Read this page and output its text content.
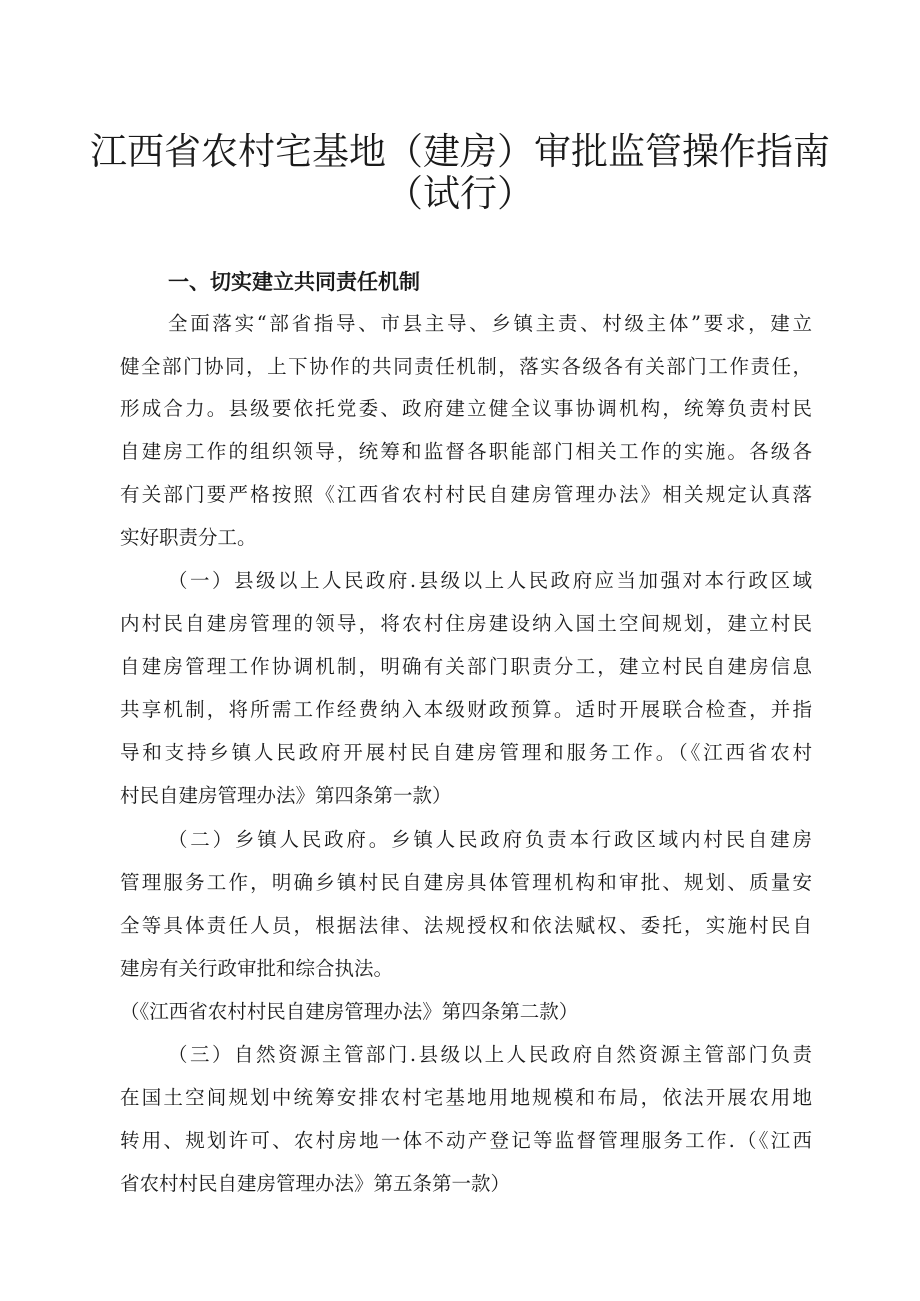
江西省农村宅基地（建房）审批监管操作指南
（试行）
一、切实建立共同责任机制
全面落实“部省指导、市县主导、乡镇主责、村级主体”要求，建立
健全部门协同，上下协作的共同责任机制，落实各级各有关部门工作责任，
形成合力。县级要依托党委、政府建立健全议事协调机构，统筹负责村民
自建房工作的组织领导，统筹和监督各职能部门相关工作的实施。各级各
有关部门要严格按照《江西省农村村民自建房管理办法》相关规定认真落
实好职责分工。
（一）县级以上人民政府.县级以上人民政府应当加强对本行政区域
内村民自建房管理的领导，将农村住房建设纳入国土空间规划，建立村民
自建房管理工作协调机制，明确有关部门职责分工，建立村民自建房信息
共享机制，将所需工作经费纳入本级财政预算。适时开展联合检查，并指
导和支持乡镇人民政府开展村民自建房管理和服务工作。（《江西省农村
村民自建房管理办法》第四条第一款）
（二）乡镇人民政府。乡镇人民政府负责本行政区域内村民自建房
管理服务工作，明确乡镇村民自建房具体管理机构和审批、规划、质量安
全等具体责任人员，根据法律、法规授权和依法赋权、委托，实施村民自
建房有关行政审批和综合执法。
（《江西省农村村民自建房管理办法》第四条第二款）
（三）自然资源主管部门.县级以上人民政府自然资源主管部门负责
在国土空间规划中统筹安排农村宅基地用地规模和布局，依法开展农用地
转用、规划许可、农村房地一体不动产登记等监督管理服务工作.（《江西
省农村村民自建房管理办法》第五条第一款）
